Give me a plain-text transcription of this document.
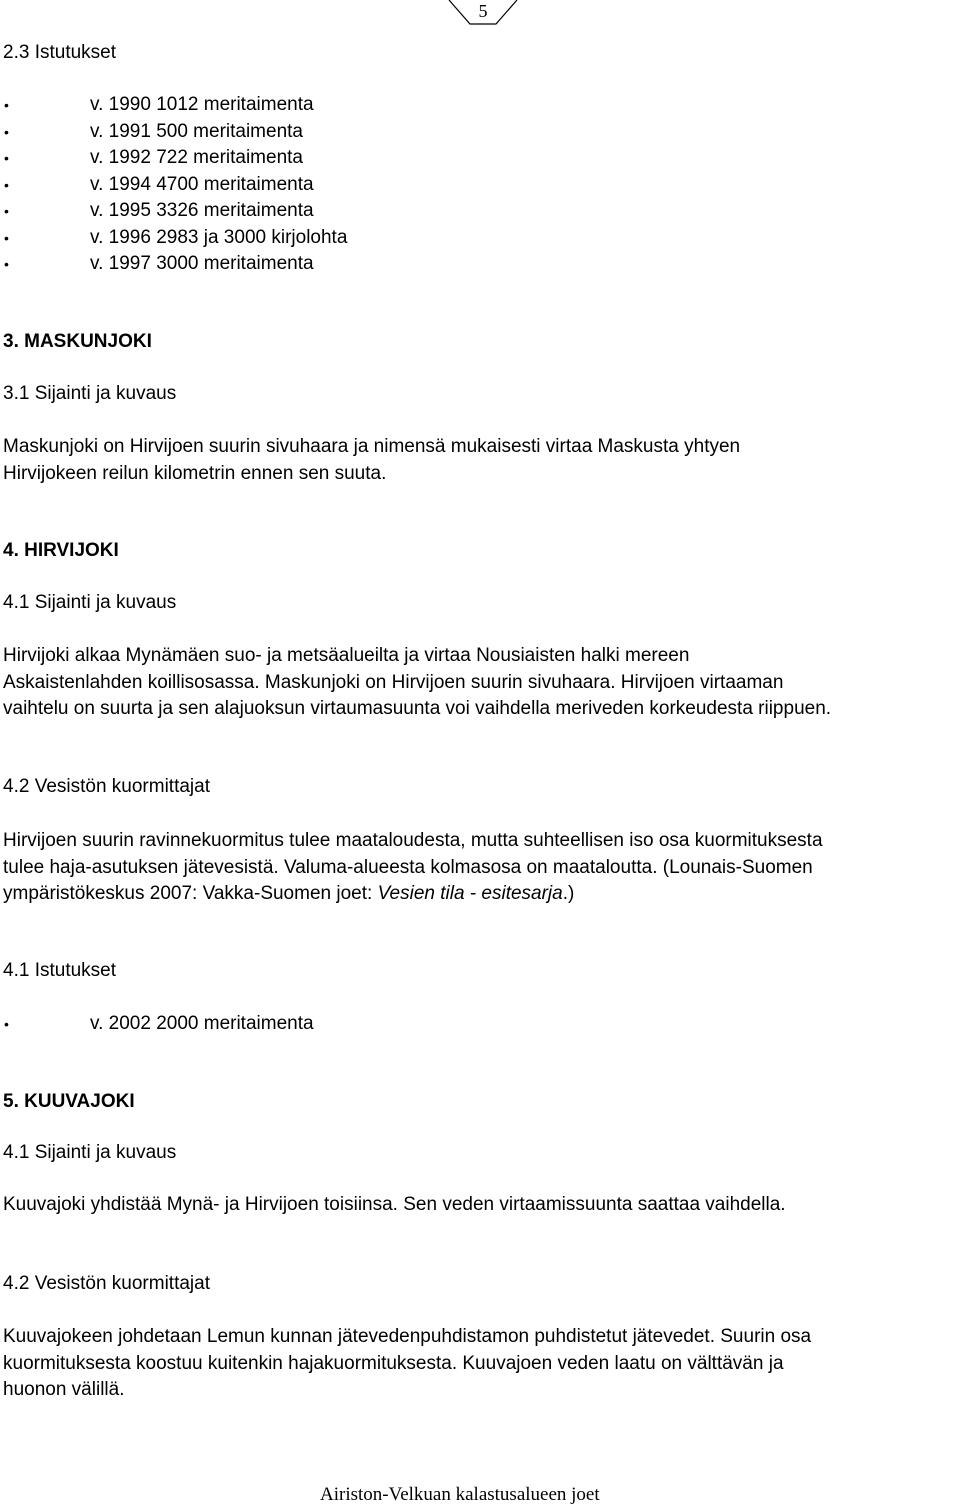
5
2.3 Istutukset
•	v. 1990 1012 meritaimenta
•	v. 1991 500 meritaimenta
•	v. 1992 722 meritaimenta
•	v. 1994 4700 meritaimenta
•	v. 1995 3326 meritaimenta
•	v. 1996 2983 ja 3000 kirjolohta
•	v. 1997 3000 meritaimenta
3. MASKUNJOKI
3.1 Sijainti ja kuvaus
Maskunjoki on Hirvijoen suurin sivuhaara ja nimensä mukaisesti virtaa Maskusta yhtyen
Hirvijokeen reilun kilometrin ennen sen suuta.
4. HIRVIJOKI
4.1 Sijainti ja kuvaus
Hirvijoki alkaa Mynämäen suo- ja metsäalueilta ja virtaa Nousiaisten halki mereen
Askaistenlahden koillisosassa. Maskunjoki on Hirvijoen suurin sivuhaara. Hirvijoen virtaaman
vaihtelu on suurta ja sen alajuoksun virtaumasuunta voi vaihdella meriveden korkeudesta riippuen.
4.2 Vesistön kuormittajat
Hirvijoen suurin ravinnekuormitus tulee maataloudesta, mutta suhteellisen iso osa kuormituksesta
tulee haja-asutuksen jätevesistä. Valuma-alueesta kolmasosa on maataloutta. (Lounais-Suomen
ympäristökeskus 2007: Vakka-Suomen joet: Vesien tila - esitesarja.)
4.1 Istutukset
•	v. 2002 2000 meritaimenta
5. KUUVAJOKI
4.1 Sijainti ja kuvaus
Kuuvajoki yhdistää Mynä- ja Hirvijoen toisiinsa. Sen veden virtaamissuunta saattaa vaihdella.
4.2 Vesistön kuormittajat
Kuuvajokeen johdetaan Lemun kunnan jätevedenpuhdistamon puhdistetut jätevedet. Suurin osa
kuormituksesta koostuu kuitenkin hajakuormituksesta. Kuuvajoen veden laatu on välttävän ja
huonon välillä.
Airiston-Velkuan kalastusalueen joet
